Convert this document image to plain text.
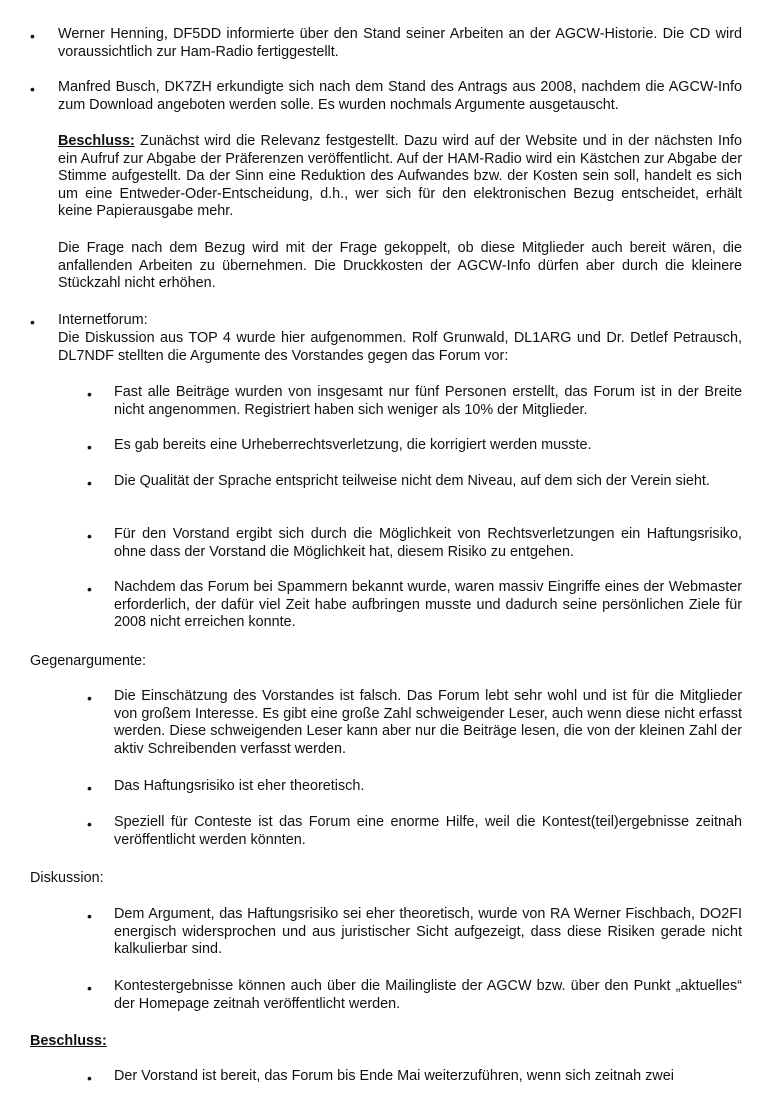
• Werner Henning, DF5DD informierte über den Stand seiner Arbeiten an der AGCW-Historie. Die CD wird voraussichtlich zur Ham-Radio fertiggestellt.

• Manfred Busch, DK7ZH erkundigte sich nach dem Stand des Antrags aus 2008, nachdem die AGCW-Info zum Download angeboten werden solle. Es wurden nochmals Argumente ausgetauscht.

Beschluss: Zunächst wird die Relevanz festgestellt. Dazu wird auf der Website und in der nächsten Info ein Aufruf zur Abgabe der Präferenzen veröffentlicht. Auf der HAM-Radio wird ein Kästchen zur Abgabe der Stimme aufgestellt. Da der Sinn eine Reduktion des Aufwandes bzw. der Kosten sein soll, handelt es sich um eine Entweder-Oder-Entscheidung, d.h., wer sich für den elektronischen Bezug entscheidet, erhält keine Papierausgabe mehr.

Die Frage nach dem Bezug wird mit der Frage gekoppelt, ob diese Mitglieder auch bereit wären, die anfallenden Arbeiten zu übernehmen. Die Druckkosten der AGCW-Info dürfen aber durch die kleinere Stückzahl nicht erhöhen.

• Internetforum:

Die Diskussion aus TOP 4 wurde hier aufgenommen. Rolf Grunwald, DL1ARG und Dr. Detlef Petrausch, DL7NDF stellten die Argumente des Vorstandes gegen das Forum vor:

• Fast alle Beiträge wurden von insgesamt nur fünf Personen erstellt, das Forum ist in der Breite nicht angenommen. Registriert haben sich weniger als 10% der Mitglieder.

• Es gab bereits eine Urheberrechtsverletzung, die korrigiert werden musste.

• Die Qualität der Sprache entspricht teilweise nicht dem Niveau, auf dem sich der Verein sieht.

• Für den Vorstand ergibt sich durch die Möglichkeit von Rechtsverletzungen ein Haftungsrisiko, ohne dass der Vorstand die Möglichkeit hat, diesem Risiko zu entgehen.

• Nachdem das Forum bei Spammern bekannt wurde, waren massiv Eingriffe eines der Webmaster erforderlich, der dafür viel Zeit habe aufbringen musste und dadurch seine persönlichen Ziele für 2008 nicht erreichen konnte.

Gegenargumente:

• Die Einschätzung des Vorstandes ist falsch. Das Forum lebt sehr wohl und ist für die Mitglieder von großem Interesse. Es gibt eine große Zahl schweigender Leser, auch wenn diese nicht erfasst werden. Diese schweigenden Leser kann aber nur die Beiträge lesen, die von der kleinen Zahl der aktiv Schreibenden verfasst werden.

• Das Haftungsrisiko ist eher theoretisch.

• Speziell für Conteste ist das Forum eine enorme Hilfe, weil die Kontest(teil)ergebnisse zeitnah veröffentlicht werden könnten.

Diskussion:

• Dem Argument, das Haftungsrisiko sei eher theoretisch, wurde von RA Werner Fischbach, DO2FI energisch widersprochen und aus juristischer Sicht aufgezeigt, dass diese Risiken gerade nicht kalkulierbar sind.

• Kontestergebnisse können auch über die Mailingliste der AGCW bzw. über den Punkt „aktuelles“ der Homepage zeitnah veröffentlicht werden.

Beschluss:

• Der Vorstand ist bereit, das Forum bis Ende Mai weiterzuführen, wenn sich zeitnah zwei
